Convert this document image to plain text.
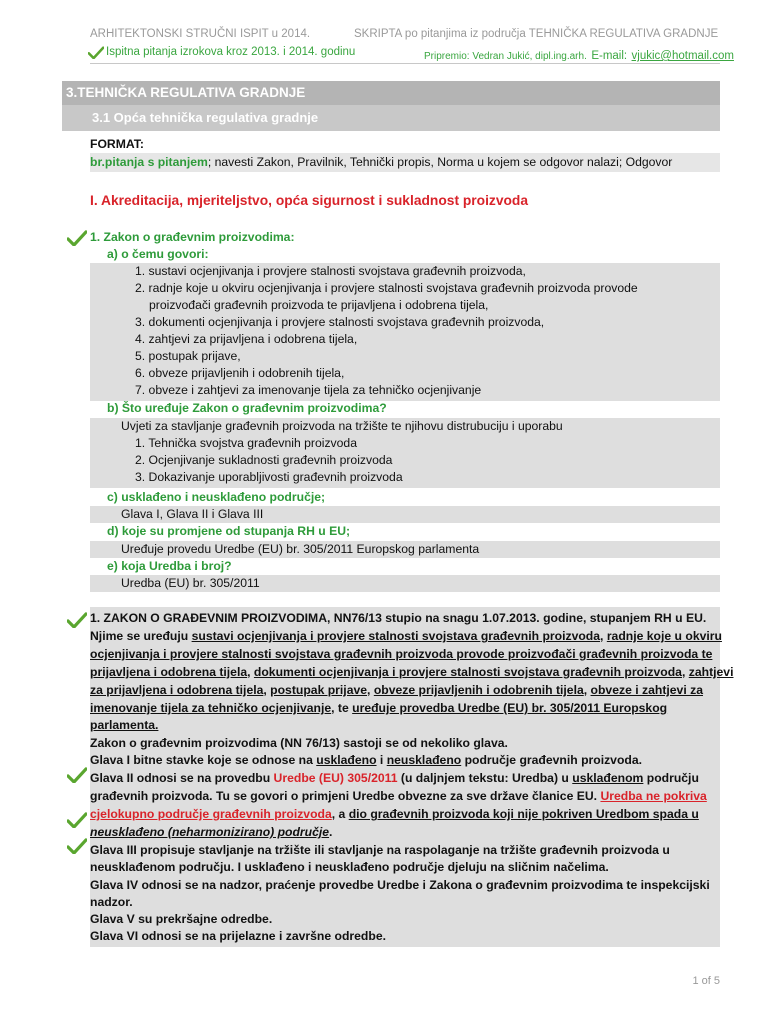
ARHITEKTONSKI STRUČNI ISPIT u 2014.	SKRIPTA po pitanjima iz područja TEHNIČKA REGULATIVA GRADNJE
Ispitna pitanja izrokova kroz 2013. i 2014. godinu	Pripremio: Vedran Jukić, dipl.ing.arh. E-mail: vjukic@hotmail.com
3.TEHNIČKA REGULATIVA GRADNJE
3.1 Opća tehnička regulativa gradnje
FORMAT:
br.pitanja s pitanjem; navesti Zakon, Pravilnik, Tehnički propis, Norma u kojem se odgovor nalazi; Odgovor
I. Akreditacija, mjeriteljstvo, opća sigurnost i sukladnost proizvoda
1. Zakon o građevnim proizvodima:
a) o čemu govori:
1. sustavi ocjenjivanja i provjere stalnosti svojstava građevnih proizvoda,
2. radnje koje u okviru ocjenjivanja i provjere stalnosti svojstava građevnih proizvoda provode
proizvođači građevnih proizvoda te prijavljena i odobrena tijela,
3. dokumenti ocjenjivanja i provjere stalnosti svojstava građevnih proizvoda,
4. zahtjevi za prijavljena i odobrena tijela,
5. postupak prijave,
6. obveze prijavljenih i odobrenih tijela,
7. obveze i zahtjevi za imenovanje tijela za tehničko ocjenjivanje
b) Što uređuje Zakon o građevnim proizvodima?
Uvjeti za stavljanje građevnih proizvoda na tržište te njihovu distrubuciju i uporabu
1. Tehnička svojstva građevnih proizvoda
2. Ocjenjivanje sukladnosti građevnih proizvoda
3. Dokazivanje uporabljivosti građevnih proizvoda
c) usklađeno i neusklađeno područje;
Glava I, Glava II i Glava III
d) koje su promjene od stupanja RH u EU;
Uređuje provedu Uredbe (EU) br. 305/2011 Europskog parlamenta
e) koja Uredba i broj?
Uredba (EU) br. 305/2011
1. ZAKON O GRAĐEVNIM PROIZVODIMA, NN76/13 stupio na snagu 1.07.2013. godine, stupanjem RH u EU.
Njime se uređuju sustavi ocjenjivanja i provjere stalnosti svojstava građevnih proizvoda, radnje koje u okviru
ocjenjivanja i provjere stalnosti svojstava građevnih proizvoda provode proizvođači građevnih proizvoda te
prijavljena i odobrena tijela, dokumenti ocjenjivanja i provjere stalnosti svojstava građevnih proizvoda, zahtjevi
za prijavljena i odobrena tijela, postupak prijave, obveze prijavljenih i odobrenih tijela, obveze i zahtjevi za
imenovanje tijela za tehničko ocjenjivanje, te uređuje provedba Uredbe (EU) br. 305/2011 Europskog
parlamenta.
Zakon o građevnim proizvodima (NN 76/13) sastoji se od nekoliko glava.
Glava I bitne stavke koje se odnose na usklađeno i neusklađeno područje građevnih proizvoda.
Glava II odnosi se na provedbu Uredbe (EU) 305/2011 (u daljnjem tekstu: Uredba) u usklađenom području
građevnih proizvoda. Tu se govori o primjeni Uredbe obvezne za sve države članice EU. Uredba ne pokriva
cjelokupno područje građevnih proizvoda, a dio građevnih proizvoda koji nije pokriven Uredbom spada u
neusklađeno (neharmonizirano) područje.
Glava III propisuje stavljanje na tržište ili stavljanje na raspolaganje na tržište građevnih proizvoda u
neusklađenom području. I usklađeno i neusklađeno područje djeluju na sličnim načelima.
Glava IV odnosi se na nadzor, praćenje provedbe Uredbe i Zakona o građevnim proizvodima te inspekcijski
nadzor.
Glava V su prekršajne odredbe.
Glava VI odnosi se na prijelazne i završne odredbe.
1 of 5
